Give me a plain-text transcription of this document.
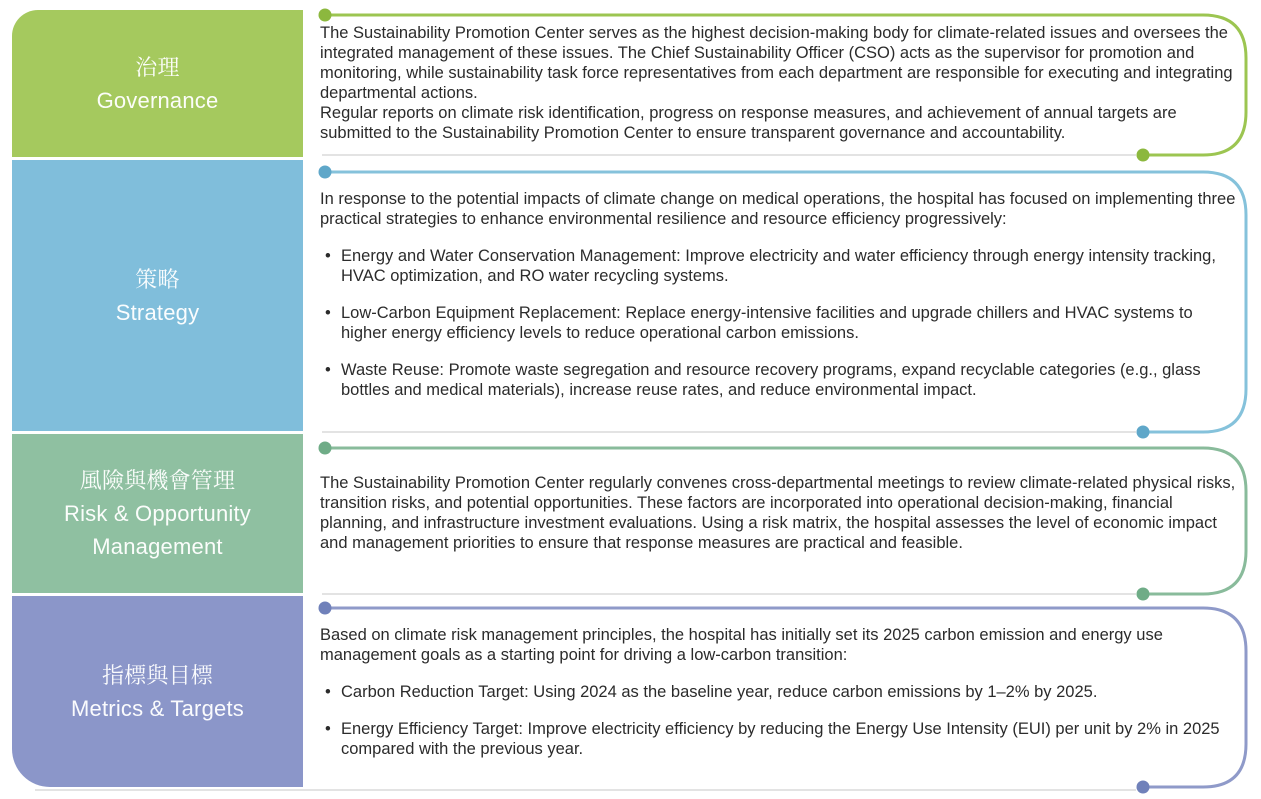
治理
Governance
策略
Strategy
風險與機會管理
Risk & Opportunity Management
指標與目標
Metrics & Targets

The Sustainability Promotion Center serves as the highest decision-making body for climate-related issues and oversees the integrated management of these issues. The Chief Sustainability Officer (CSO) acts as the supervisor for promotion and monitoring, while sustainability task force representatives from each department are responsible for executing and integrating departmental actions.

Regular reports on climate risk identification, progress on response measures, and achievement of annual targets are submitted to the Sustainability Promotion Center to ensure transparent governance and accountability.

In response to the potential impacts of climate change on medical operations, the hospital has focused on implementing three practical strategies to enhance environmental resilience and resource efficiency progressively:

• Energy and Water Conservation Management: Improve electricity and water efficiency through energy intensity tracking, HVAC optimization, and RO water recycling systems.
• Low-Carbon Equipment Replacement: Replace energy-intensive facilities and upgrade chillers and HVAC systems to higher energy efficiency levels to reduce operational carbon emissions.
• Waste Reuse: Promote waste segregation and resource recovery programs, expand recyclable categories (e.g., glass bottles and medical materials), increase reuse rates, and reduce environmental impact.

The Sustainability Promotion Center regularly convenes cross-departmental meetings to review climate-related physical risks, transition risks, and potential opportunities. These factors are incorporated into operational decision-making, financial planning, and infrastructure investment evaluations. Using a risk matrix, the hospital assesses the level of economic impact and management priorities to ensure that response measures are practical and feasible.

Based on climate risk management principles, the hospital has initially set its 2025 carbon emission and energy use management goals as a starting point for driving a low-carbon transition:

• Carbon Reduction Target: Using 2024 as the baseline year, reduce carbon emissions by 1–2% by 2025.
• Energy Efficiency Target: Improve electricity efficiency by reducing the Energy Use Intensity (EUI) per unit by 2% in 2025 compared with the previous year.
